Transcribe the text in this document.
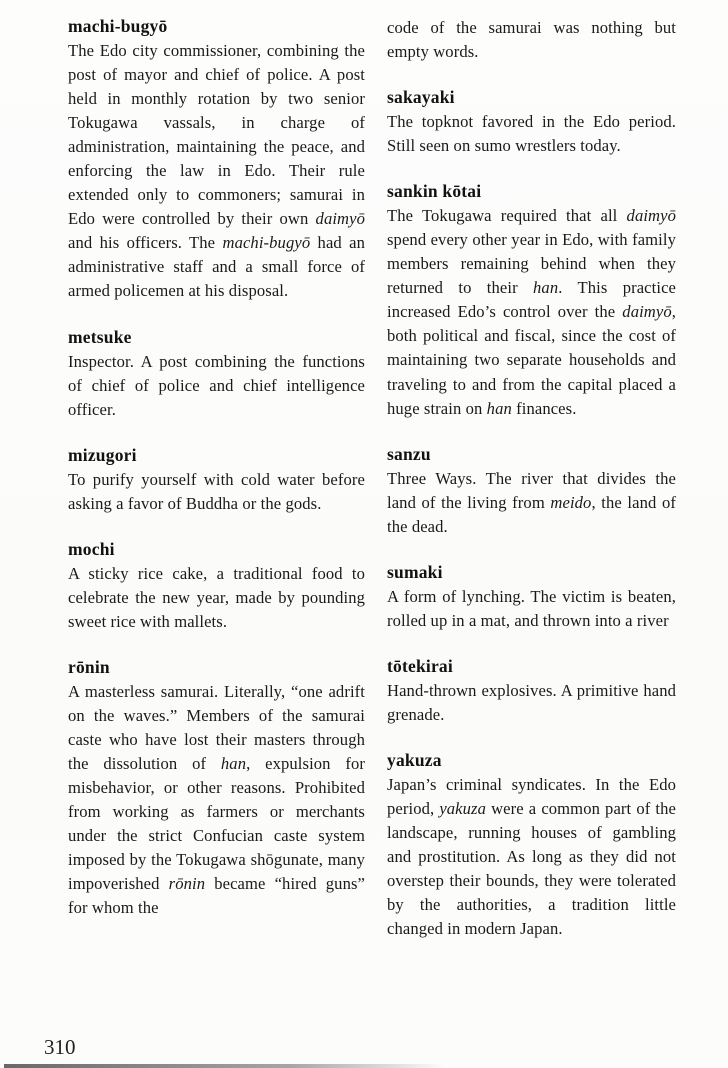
machi-bugyō

The Edo city commissioner, combining the post of mayor and chief of police. A post held in monthly rotation by two senior Tokugawa vassals, in charge of administration, maintaining the peace, and enforcing the law in Edo. Their rule extended only to commoners; samurai in Edo were controlled by their own daimyō and his officers. The machi-bugyō had an administrative staff and a small force of armed policemen at his disposal.

metsuke

Inspector. A post combining the functions of chief of police and chief intelligence officer.

mizugori

To purify yourself with cold water before asking a favor of Buddha or the gods.

mochi

A sticky rice cake, a traditional food to celebrate the new year, made by pounding sweet rice with mallets.

rōnin

A masterless samurai. Literally, “one adrift on the waves.” Members of the samurai caste who have lost their masters through the dissolution of han, expulsion for misbehavior, or other reasons. Prohibited from working as farmers or merchants under the strict Confucian caste system imposed by the Tokugawa shōgunate, many impoverished rōnin became “hired guns” for whom the

code of the samurai was nothing but empty words.

sakayaki

The topknot favored in the Edo period. Still seen on sumo wrestlers today.

sankin kōtai

The Tokugawa required that all daimyō spend every other year in Edo, with family members remaining behind when they returned to their han. This practice increased Edo’s control over the daimyō, both political and fiscal, since the cost of maintaining two separate households and traveling to and from the capital placed a huge strain on han finances.

sanzu

Three Ways. The river that divides the land of the living from meido, the land of the dead.

sumaki

A form of lynching. The victim is beaten, rolled up in a mat, and thrown into a river

tōtekirai

Hand-thrown explosives. A primitive hand grenade.

yakuza

Japan’s criminal syndicates. In the Edo period, yakuza were a common part of the landscape, running houses of gambling and prostitution. As long as they did not overstep their bounds, they were tolerated by the authorities, a tradition little changed in modern Japan.

310
